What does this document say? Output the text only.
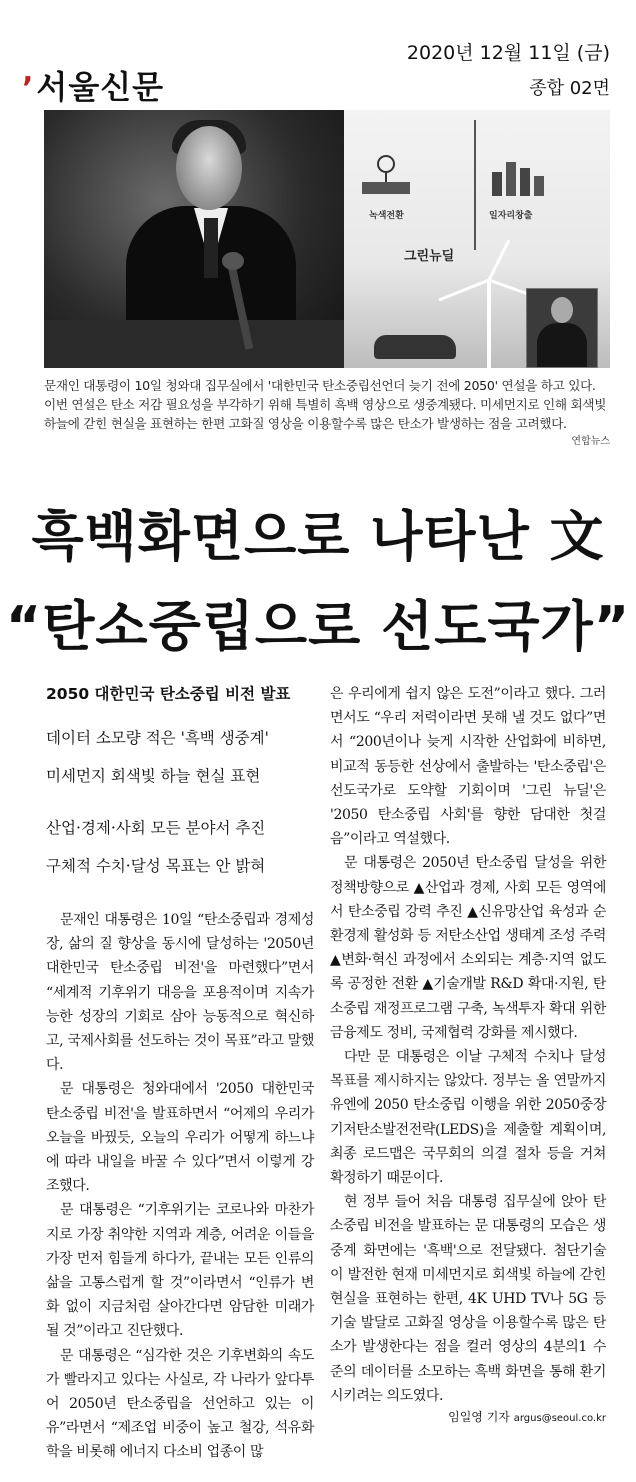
’서울신문
2020년 12월 11일 (금)
종합 02면
녹색전환	일자리창출
그린뉴딜
문재인 대통령이 10일 청와대 집무실에서 '대한민국 탄소중립선언더 늦기 전에 2050' 연설을 하고 있다. 이번 연설은 탄소 저감 필요성을 부각하기 위해 특별히 흑백 영상으로 생중계됐다. 미세먼지로 인해 회색빛 하늘에 갇힌 현실을 표현하는 한편 고화질 영상을 이용할수록 많은 탄소가 발생하는 점을 고려했다.
연합뉴스
흑백화면으로 나타난 文
“탄소중립으로 선도국가”

2050 대한민국 탄소중립 비전 발표

데이터 소모량 적은 '흑백 생중계'

미세먼지 회색빛 하늘 현실 표현

산업·경제·사회 모든 분야서 추진

구체적 수치·달성 목표는 안 밝혀

문재인 대통령은 10일 “탄소중립과 경제성장, 삶의 질 향상을 동시에 달성하는 '2050년 대한민국 탄소중립 비전'을 마련했다”면서 “세계적 기후위기 대응을 포용적이며 지속가능한 성장의 기회로 삼아 능동적으로 혁신하고, 국제사회를 선도하는 것이 목표”라고 말했다.

문 대통령은 청와대에서 '2050 대한민국 탄소중립 비전'을 발표하면서 “어제의 우리가 오늘을 바꿨듯, 오늘의 우리가 어떻게 하느냐에 따라 내일을 바꿀 수 있다”면서 이렇게 강조했다.

문 대통령은 “기후위기는 코로나와 마찬가지로 가장 취약한 지역과 계층, 어려운 이들을 가장 먼저 힘들게 하다가, 끝내는 모든 인류의 삶을 고통스럽게 할 것”이라면서 “인류가 변화 없이 지금처럼 살아간다면 암담한 미래가 될 것”이라고 진단했다.

문 대통령은 “심각한 것은 기후변화의 속도가 빨라지고 있다는 사실로, 각 나라가 앞다투어 2050년 탄소중립을 선언하고 있는 이유”라면서 “제조업 비중이 높고 철강, 석유화학을 비롯해 에너지 다소비 업종이 많

은 우리에게 쉽지 않은 도전”이라고 했다. 그러면서도 “우리 저력이라면 못해 낼 것도 없다”면서 “200년이나 늦게 시작한 산업화에 비하면, 비교적 동등한 선상에서 출발하는 '탄소중립'은 선도국가로 도약할 기회이며 '그린 뉴딜'은 '2050 탄소중립 사회'를 향한 담대한 첫걸음”이라고 역설했다.

문 대통령은 2050년 탄소중립 달성을 위한 정책방향으로 ▲산업과 경제, 사회 모든 영역에서 탄소중립 강력 추진 ▲신유망산업 육성과 순환경제 활성화 등 저탄소산업 생태계 조성 주력 ▲변화·혁신 과정에서 소외되는 계층·지역 없도록 공정한 전환 ▲기술개발 R&D 확대·지원, 탄소중립 재정프로그램 구축, 녹색투자 확대 위한 금융제도 정비, 국제협력 강화를 제시했다.

다만 문 대통령은 이날 구체적 수치나 달성 목표를 제시하지는 않았다. 정부는 올 연말까지 유엔에 2050 탄소중립 이행을 위한 2050중장기저탄소발전전략(LEDS)을 제출할 계획이며, 최종 로드맵은 국무회의 의결 절차 등을 거쳐 확정하기 때문이다.

현 정부 들어 처음 대통령 집무실에 앉아 탄소중립 비전을 발표하는 문 대통령의 모습은 생중계 화면에는 '흑백'으로 전달됐다. 첨단기술이 발전한 현재 미세먼지로 회색빛 하늘에 갇힌 현실을 표현하는 한편, 4K UHD TV나 5G 등 기술 발달로 고화질 영상을 이용할수록 많은 탄소가 발생한다는 점을 컬러 영상의 4분의1 수준의 데이터를 소모하는 흑백 화면을 통해 환기시키려는 의도였다.

임일영 기자 argus@seoul.co.kr
